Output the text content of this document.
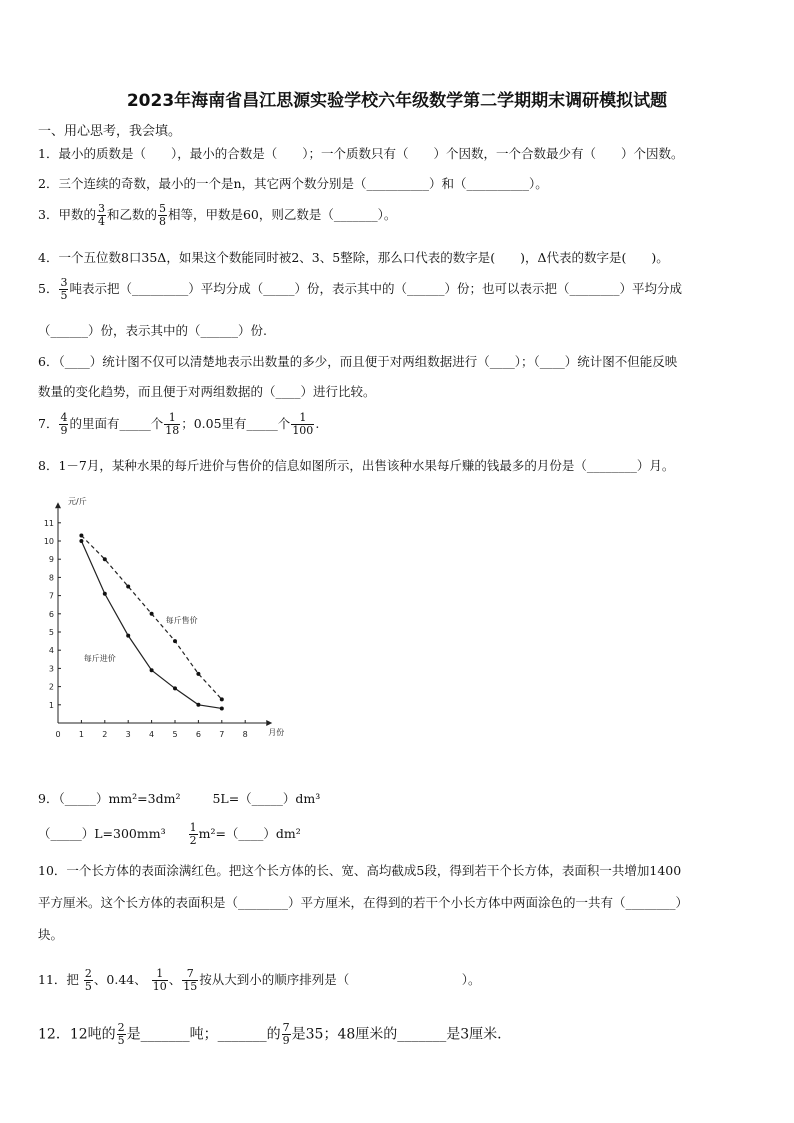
2023年海南省昌江思源实验学校六年级数学第二学期期末调研模拟试题
一、用心思考，我会填。
1．最小的质数是（　　），最小的合数是（　　）；一个质数只有（　　）个因数，一个合数最少有（　　）个因数。
2．三个连续的奇数，最小的一个是n，其它两个数分别是（__________）和（__________）。
3．甲数的 $\frac{3}{4}$ 和乙数的 $\frac{5}{8}$ 相等，甲数是60，则乙数是（_______）。
4．一个五位数8口35Δ，如果这个数能同时被2、3、5整除，那么口代表的数字是(　　)，Δ代表的数字是(　　)。
5． $\frac{3}{5}$ 吨表示把（_________）平均分成（_____）份，表示其中的（______）份；也可以表示把（________）平均分成
（______）份，表示其中的（______）份.
6．（____）统计图不仅可以清楚地表示出数量的多少，而且便于对两组数据进行（____）；（____）统计图不但能反映
数量的变化趋势，而且便于对两组数据的（____）进行比较。
7． $\frac{4}{9}$ 的里面有_____个 $\frac{1}{18}$ ；0.05里有_____个 $\frac{1}{100}$ .
8．1－7月，某种水果的每斤进价与售价的信息如图所示，出售该种水果每斤赚的钱最多的月份是（________）月。
0 1 2 3 4 5 6 7 8
1
2
3
4
5
6
7
8
9
10
11
元/斤
月份
每斤售价
每斤进价
9．（_____）mm²=3dm²	5L=（_____）dm³
（_____）L=300mm³ $\frac{1}{2}$ m²=（____）dm²
10．一个长方体的表面涂满红色。把这个长方体的长、宽、高均截成5段，得到若干个长方体，表面积一共增加1400
平方厘米。这个长方体的表面积是（________）平方厘米，在得到的若干个小长方体中两面涂色的一共有（________）
块。
11．把 $\frac{2}{5}$ 、0.44、 $\frac{1}{10}$ 、 $\frac{7}{15}$ 按从大到小的顺序排列是（　　　　　　　　　）。
12．12吨的 $\frac{2}{5}$ 是_______吨；_______的 $\frac{7}{9}$ 是35；48厘米的_______是3厘米.
